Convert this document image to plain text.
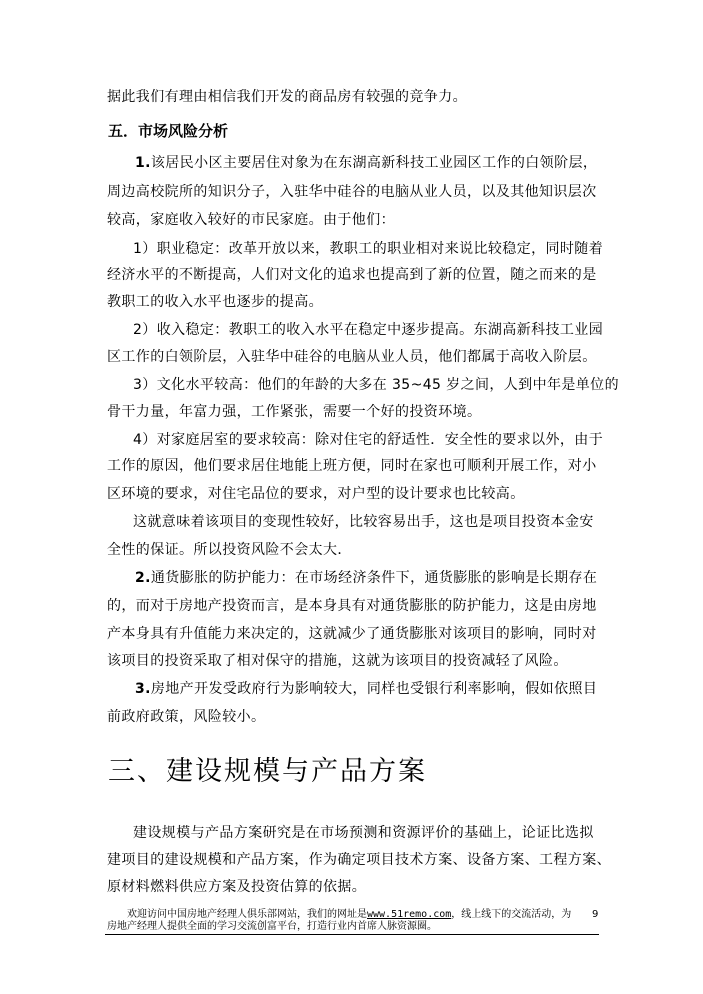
据此我们有理由相信我们开发的商品房有较强的竞争力。
五．市场风险分析
1.该居民小区主要居住对象为在东湖高新科技工业园区工作的白领阶层，
周边高校院所的知识分子，入驻华中硅谷的电脑从业人员，以及其他知识层次
较高，家庭收入较好的市民家庭。由于他们：
1）职业稳定：改革开放以来，教职工的职业相对来说比较稳定，同时随着
经济水平的不断提高，人们对文化的追求也提高到了新的位置，随之而来的是
教职工的收入水平也逐步的提高。
2）收入稳定：教职工的收入水平在稳定中逐步提高。东湖高新科技工业园
区工作的白领阶层，入驻华中硅谷的电脑从业人员，他们都属于高收入阶层。
3）文化水平较高：他们的年龄的大多在 35~45 岁之间，人到中年是单位的
骨干力量，年富力强，工作紧张，需要一个好的投资环境。
4）对家庭居室的要求较高：除对住宅的舒适性．安全性的要求以外，由于
工作的原因，他们要求居住地能上班方便，同时在家也可顺利开展工作，对小
区环境的要求，对住宅品位的要求，对户型的设计要求也比较高。
这就意味着该项目的变现性较好，比较容易出手，这也是项目投资本金安
全性的保证。所以投资风险不会太大．
2.通货膨胀的防护能力：在市场经济条件下，通货膨胀的影响是长期存在
的，而对于房地产投资而言，是本身具有对通货膨胀的防护能力，这是由房地
产本身具有升值能力来决定的，这就减少了通货膨胀对该项目的影响，同时对
该项目的投资采取了相对保守的措施，这就为该项目的投资减轻了风险。
3.房地产开发受政府行为影响较大，同样也受银行利率影响，假如依照目
前政府政策，风险较小。
三、建设规模与产品方案
建设规模与产品方案研究是在市场预测和资源评价的基础上，论证比选拟
建项目的建设规模和产品方案，作为确定项目技术方案、设备方案、工程方案、
原材料燃料供应方案及投资估算的依据。
欢迎访问中国房地产经理人俱乐部网站，我们的网址是www.51remo.com，线上线下的交流活动，为 9
房地产经理人提供全面的学习交流创富平台，打造行业内首席人脉资源圈。
